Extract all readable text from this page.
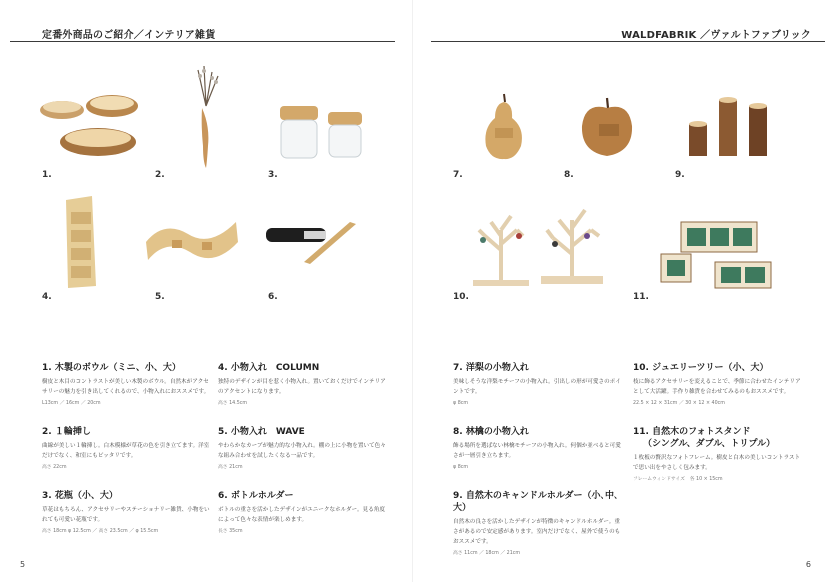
定番外商品のご紹介／インテリア雑貨
1.	2.	3.
4.	5.	6.
1. 木製のボウル（ミニ、小、大）
樹皮と木目のコントラストが美しい木製のボウル。自然木がアクセサリーの魅力を引き出してくれるので、小物入れにおススメです。
L13cm ／ 16cm ／ 20cm
2. １輪挿し
曲線が美しい１輪挿し。白木模様が草花の色を引き立てます。洋室だけでなく、和室にもピッタリです。
高さ 22cm
3. 花瓶（小、大）
草花はもちろん、アクセサリーやステーショナリー雑貨、小物をいれても可愛い花瓶です。
高さ 18cm φ 12.5cm ／ 高さ 23.5cm ／ φ 15.5cm
4. 小物入れ　COLUMN
独特のデザインが目を惹く小物入れ。置いておくだけでインテリアのアクセントになります。
高さ 14.5cm
5. 小物入れ　WAVE
やわらかなカーブが魅力的な小物入れ。棚の上に小物を置いて色々な組み合わせを試したくなる一品です。
高さ 21cm
6. ボトルホルダー
ボトルの重さを活かしたデザインがユニークなホルダー。見る角度によって色々な表情が楽しめます。
長さ 35cm
5
WALDFABRIK ／ヴァルトファブリック
7.	8.	9.
10.	11.
7. 洋梨の小物入れ
美味しそうな洋梨モチーフの小物入れ。引出しの形が可愛さのポイントです。
φ 8cm
8. 林檎の小物入れ
飾る場所を選ばない林檎モチーフの小物入れ。何個か並べると可愛さが一層引き立ちます。
φ 8cm
9. 自然木のキャンドルホルダー（小､中､大）
自然木の良さを活かしたデザインが特徴のキャンドルホルダー。重さがあるので安定感があります。室内だけでなく、屋外で使うのもおススメです。
高さ 11cm ／ 18cm ／ 21cm
10. ジュエリーツリー（小、大）
枝に飾るアクセサリーを変えることで、季節に合わせたインテリアとして大活躍。手作り雑貨を合わせてみるのもおススメです。
22.5 × 12 × 31cm ／ 30 × 12 × 40cm
11. 自然木のフォトスタンド
（シングル、ダブル、トリプル）
１枚板の贅沢なフォトフレーム。樹皮と白木の美しいコントラストで思い出をやさしく包みます。
フレームウィンドサイズ　各 10 × 15cm
6
